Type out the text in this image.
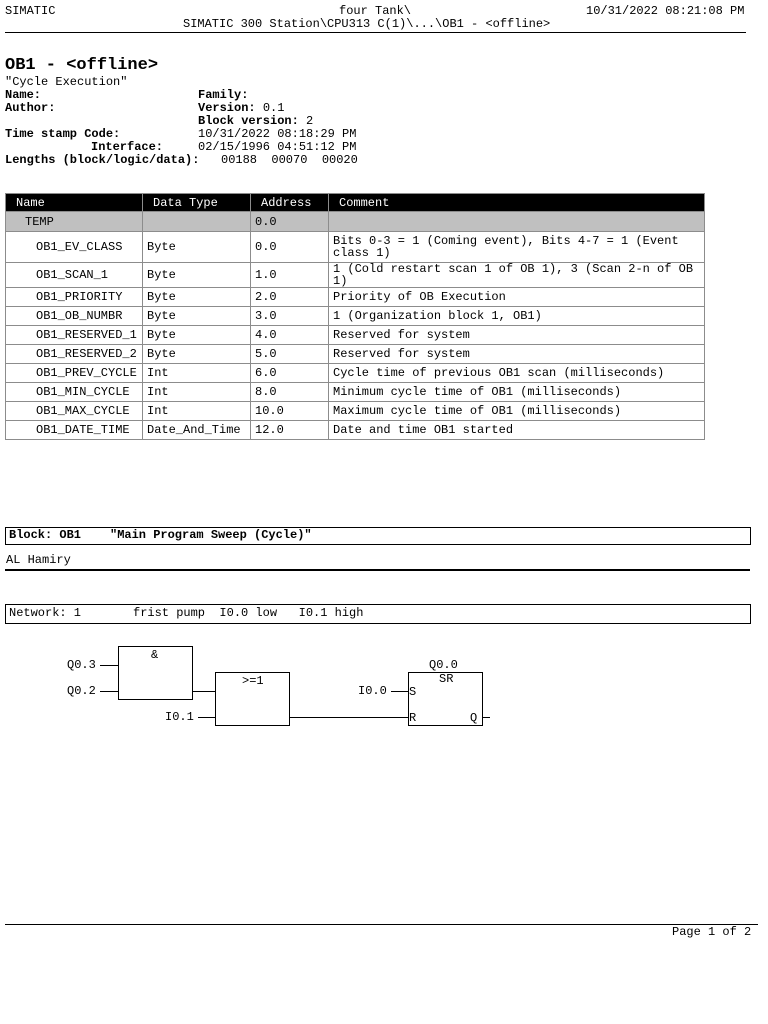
SIMATIC	four Tank\	10/31/2022 08:21:08 PM
SIMATIC 300 Station\CPU313 C(1)\...\OB1 - <offline>
OB1 - <offline>
"Cycle Execution"
Name:	Family:
Author:	Version: 0.1
Block version: 2
Time stamp Code:	10/31/2022 08:18:29 PM
Interface:	02/15/1996 04:51:12 PM
Lengths (block/logic/data): 00188  00070  00020
Name	Data Type	Address	Comment
TEMP		0.0	
OB1_EV_CLASS	Byte	0.0	Bits 0-3 = 1 (Coming event), Bits 4-7 = 1 (Event class 1)
OB1_SCAN_1	Byte	1.0	1 (Cold restart scan 1 of OB 1), 3 (Scan 2-n of OB 1)
OB1_PRIORITY	Byte	2.0	Priority of OB Execution
OB1_OB_NUMBR	Byte	3.0	1 (Organization block 1, OB1)
OB1_RESERVED_1	Byte	4.0	Reserved for system
OB1_RESERVED_2	Byte	5.0	Reserved for system
OB1_PREV_CYCLE	Int	6.0	Cycle time of previous OB1 scan (milliseconds)
OB1_MIN_CYCLE	Int	8.0	Minimum cycle time of OB1 (milliseconds)
OB1_MAX_CYCLE	Int	10.0	Maximum cycle time of OB1 (milliseconds)
OB1_DATE_TIME	Date_And_Time	12.0	Date and time OB1 started
Block: OB1 "Main Program Sweep (Cycle)"
AL Hamiry
Network: 1	frist pump  I0.0 low   I0.1 high
&
Q0.3
Q0.2
>=1
I0.1
Q0.0
SR
S
R	Q
I0.0
Page 1 of 2
